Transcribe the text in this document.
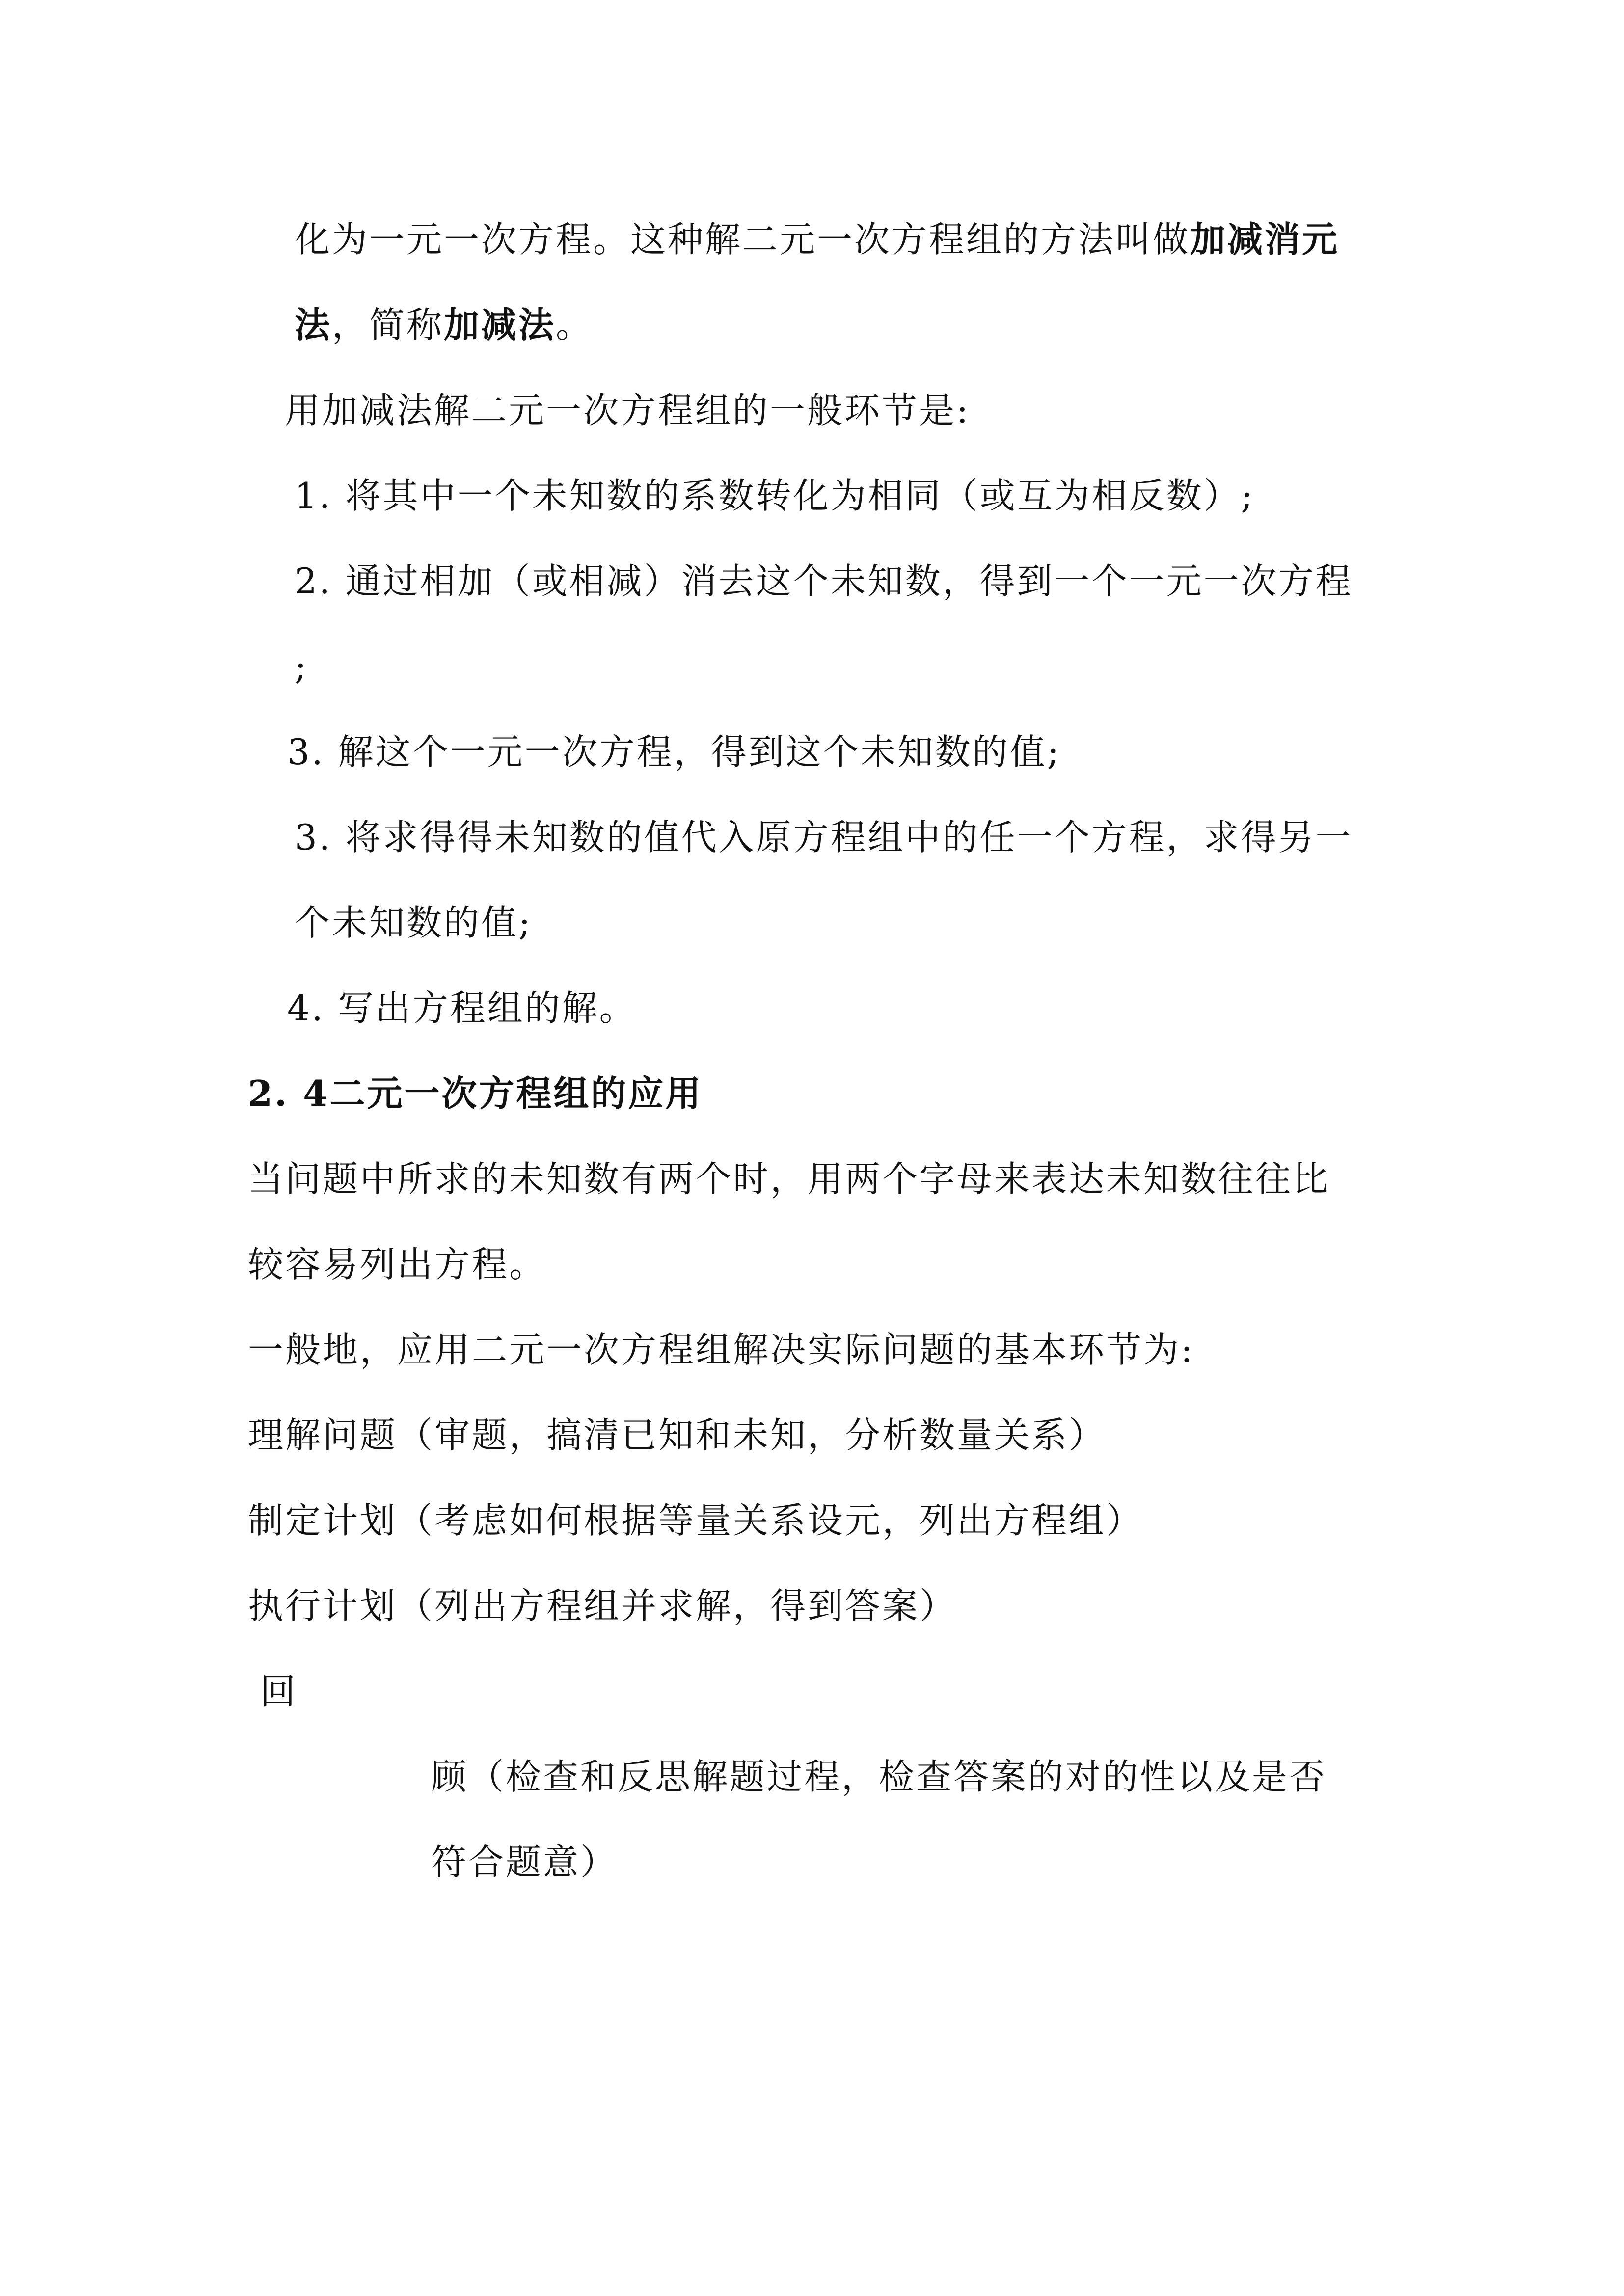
化为一元一次方程。这种解二元一次方程组的方法叫做加减消元
法，简称加减法。
用加减法解二元一次方程组的一般环节是:
1. 将其中一个未知数的系数转化为相同（或互为相反数）;
2. 通过相加（或相减）消去这个未知数，得到一个一元一次方程
;
3. 解这个一元一次方程，得到这个未知数的值;
3. 将求得得未知数的值代入原方程组中的任一个方程，求得另一
个未知数的值;
4. 写出方程组的解。
2. 4二元一次方程组的应用
当问题中所求的未知数有两个时，用两个字母来表达未知数往往比
较容易列出方程。
一般地，应用二元一次方程组解决实际问题的基本环节为:
理解问题（审题，搞清已知和未知，分析数量关系）
制定计划（考虑如何根据等量关系设元，列出方程组）
执行计划（列出方程组并求解，得到答案）
回
顾（检查和反思解题过程，检查答案的对的性以及是否
符合题意）
